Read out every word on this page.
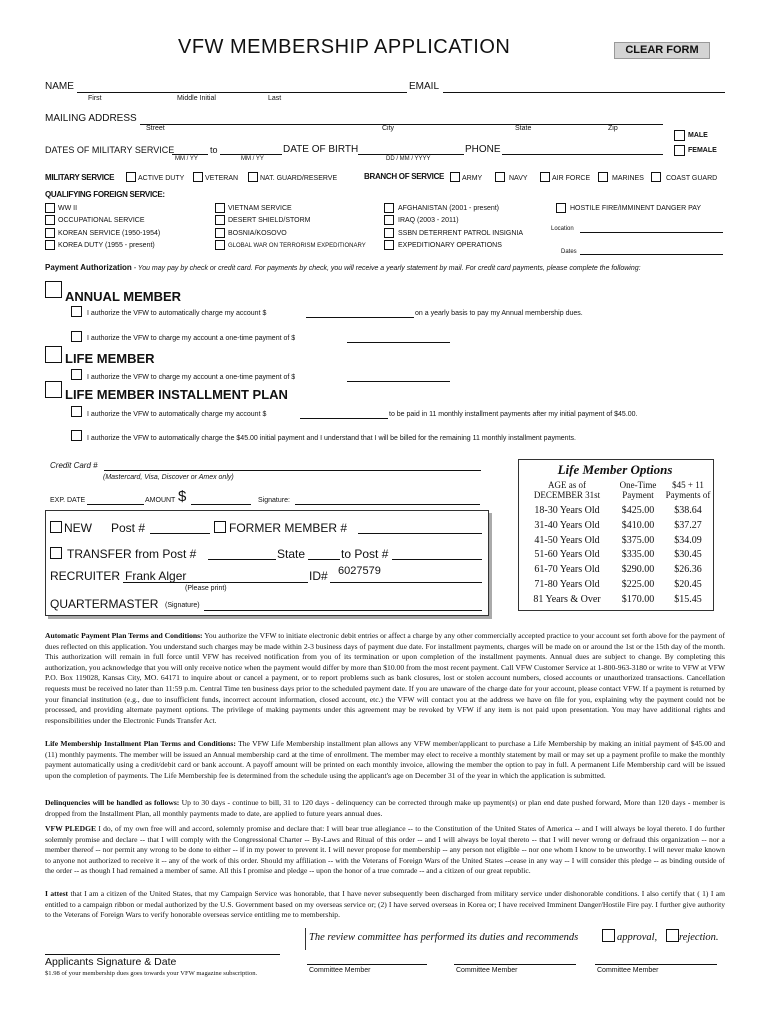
VFW MEMBERSHIP APPLICATION	CLEAR FORM
NAME	EMAIL
First	Middle Initial	Last
MAILING ADDRESS
Street	City	State	Zip
MALE
FEMALE
DATES OF MILITARY SERVICE	to	DATE OF BIRTH	PHONE
MM / YY	MM / YY	DD / MM / YYYY
MILITARY SERVICE	ACTIVE DUTY	VETERAN	NAT. GUARD/RESERVE	BRANCH OF SERVICE	ARMY	NAVY	AIR FORCE	MARINES	COAST GUARD
QUALIFYING FOREIGN SERVICE:
WW II
OCCUPATIONAL SERVICE
KOREAN SERVICE (1950-1954)
KOREA DUTY (1955 - present)
VIETNAM SERVICE
DESERT SHIELD/STORM
BOSNIA/KOSOVO
GLOBAL WAR ON TERRORISM EXPEDITIONARY
AFGHANISTAN (2001 - present)
IRAQ (2003 - 2011)
SSBN DETERRENT PATROL INSIGNIA
EXPEDITIONARY OPERATIONS
HOSTILE FIRE/IMMINENT DANGER PAY
Location
Dates
Payment Authorization - You may pay by check or credit card. For payments by check, you will receive a yearly statement by mail. For credit card payments, please complete the following:
ANNUAL MEMBER
I authorize the VFW to automatically charge my account $	on a yearly basis to pay my Annual membership dues.
I authorize the VFW to charge my account a one-time payment of $
LIFE MEMBER
I authorize the VFW to charge my account a one-time payment of $
LIFE MEMBER INSTALLMENT PLAN
I authorize the VFW to automatically charge my account $	to be paid in 11 monthly installment payments after my initial payment of $45.00.
I authorize the VFW to automatically charge the $45.00 initial payment and I understand that I will be billed for the remaining 11 monthly installment payments.
Credit Card #
(Mastercard, Visa, Discover or Amex only)
EXP. DATE	AMOUNT $	Signature:
NEW Post #	FORMER MEMBER #
TRANSFER from Post #	State	to Post #
RECRUITER Frank Alger	ID# 6027579
(Please print)
QUARTERMASTER (Signature)
Life Member Options
AGE as of
DECEMBER 31st
One-Time
Payment
$45 + 11
Payments of
18-30 Years Old	$425.00	$38.64
31-40 Years Old	$410.00	$37.27
41-50 Years Old	$375.00	$34.09
51-60 Years Old	$335.00	$30.45
61-70 Years Old	$290.00	$26.36
71-80 Years Old	$225.00	$20.45
81 Years & Over	$170.00	$15.45
Automatic Payment Plan Terms and Conditions: You authorize the VFW to initiate electronic debit entries or affect a charge by any other commercially accepted practice to your account set forth above for the payment of dues reflected on this application. You understand such charges may be made within 2-3 business days of payment due date. For installment payments, charges will be made on or around the 1st or the 15th day of the month. This authorization will remain in full force until VFW has received notification from you of its termination or upon completion of the installment payments. Annual dues are subject to change. By completing this authorization, you acknowledge that you will only receive notice when the payment would differ by more than $10.00 from the most recent payment. Call VFW Customer Service at 1-800-963-3180 or write to VFW at VFW P.O. Box 119028, Kansas City, MO. 64171 to inquire about or cancel a payment, or to report problems such as bank closures, lost or stolen account numbers, closed accounts or unauthorized transactions. Cancellation requests must be received no later than 11:59 p.m. Central Time ten business days prior to the scheduled payment date. If you are unaware of the charge date for your account, please contact VFW. If a payment is returned by your financial institution (e.g., due to insufficient funds, incorrect account information, closed account, etc.) the VFW will contact you at the address we have on file for you, explaining why the payment could not be processed, and providing alternate payment options. The privilege of making payments under this agreement may be revoked by VFW if any item is not paid upon presentation. You may have additional rights and responsibilities under the Electronic Funds Transfer Act.
Life Membership Installment Plan Terms and Conditions: The VFW Life Membership installment plan allows any VFW member/applicant to purchase a Life Membership by making an initial payment of $45.00 and (11) monthly payments. The member will be issued an Annual membership card at the time of enrollment. The member may elect to receive a monthly statement by mail or may set up a payment profile to make the monthly payment automatically using a credit/debit card or bank account. A payoff amount will be printed on each monthly invoice, allowing the member the option to pay in full. A permanent Life Membership card will be issued upon the completion of payments. The Life Membership fee is determined from the schedule using the applicant's age on December 31 of the year in which the application is submitted.
Delinquencies will be handled as follows: Up to 30 days - continue to bill, 31 to 120 days - delinquency can be corrected through make up payment(s) or plan end date pushed forward, More than 120 days - member is dropped from the Installment Plan, all monthly payments made to date, are applied to future years annual dues.
VFW PLEDGE I do, of my own free will and accord, solemnly promise and declare that: I will bear true allegiance -- to the Constitution of the United States of America -- and I will always be loyal thereto. I do further solemnly promise and declare -- that I will comply with the Congressional Charter -- By-Laws and Ritual of this order -- and I will always be loyal thereto -- that I will never wrong or defraud this organization -- nor a member thereof -- nor permit any wrong to be done to either -- if in my power to prevent it. I will never propose for membership -- any person not eligible -- nor one whom I know to be unworthy. I will never make known to anyone not authorized to receive it -- any of the work of this order. Should my affiliation -- with the Veterans of Foreign Wars of the United States --cease in any way -- I will consider this pledge -- as binding outside of the order -- as though I had remained a member of same. All this I promise and pledge -- upon the honor of a true comrade -- and a citizen of our great republic.
I attest that I am a citizen of the United States, that my Campaign Service was honorable, that I have never subsequently been discharged from military service under dishonorable conditions. I also certify that ( 1) I am entitled to a campaign ribbon or medal authorized by the U.S. Government based on my overseas service or; (2) I have served overseas in Korea or; I have received Imminent Danger/Hostile Fire pay. I further give authority to the Veterans of Foreign Wars to verify honorable overseas service entitling me to membership.
Applicants Signature & Date
$1.98 of your membership dues goes towards your VFW magazine subscription.
The review committee has performed its duties and recommends	approval, rejection.
Committee Member	Committee Member	Committee Member
